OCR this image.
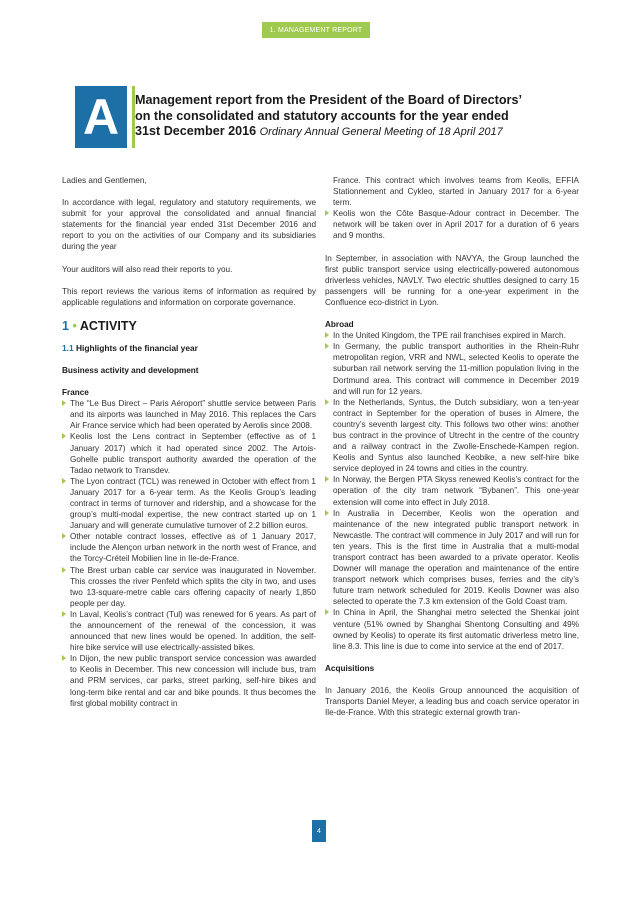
1. MANAGEMENT REPORT
A Management report from the President of the Board of Directors’
on the consolidated and statutory accounts for the year ended
31st December 2016 Ordinary Annual General Meeting of 18 April 2017

Ladies and Gentlemen,

In accordance with legal, regulatory and statutory requirements, we submit for your approval the consolidated and annual financial statements for the financial year ended 31st December 2016 and report to you on the activities of our Company and its subsidiaries during the year

Your auditors will also read their reports to you.

This report reviews the various items of information as required by applicable regulations and information on corporate governance.

1 • ACTIVITY
1.1 Highlights of the financial year

Business activity and development

France

The “Le Bus Direct – Paris Aéroport” shuttle service between Paris and its airports was launched in May 2016. This replaces the Cars Air France service which had been operated by Aerolis since 2008.

Keolis lost the Lens contract in September (effective as of 1 January 2017) which it had operated since 2002. The Artois-Gohelle public transport authority awarded the operation of the Tadao network to Transdev.

The Lyon contract (TCL) was renewed in October with effect from 1 January 2017 for a 6-year term. As the Keolis Group’s leading contract in terms of turnover and ridership, and a showcase for the group’s multi-modal expertise, the new contract started up on 1 January and will generate cumulative turnover of 2.2 billion euros.

Other notable contract losses, effective as of 1 January 2017, include the Alençon urban network in the north west of France, and the Torcy-Créteil Mobilien line in Ile-de-France.

The Brest urban cable car service was inaugurated in November. This crosses the river Penfeld which splits the city in two, and uses two 13-square-metre cable cars offering capacity of nearly 1,850 people per day.

In Laval, Keolis’s contract (Tul) was renewed for 6 years. As part of the announcement of the renewal of the concession, it was announced that new lines would be opened. In addition, the self-hire bike service will use electrically-assisted bikes.

In Dijon, the new public transport service concession was awarded to Keolis in December. This new concession will include bus, tram and PRM services, car parks, street parking, self-hire bikes and long-term bike rental and car and bike pounds. It thus becomes the first global mobility contract in

France. This contract which involves teams from Keolis, EFFIA Stationnement and Cykleo, started in January 2017 for a 6-year term.

Keolis won the Côte Basque-Adour contract in December. The network will be taken over in April 2017 for a duration of 6 years and 9 months.

In September, in association with NAVYA, the Group launched the first public transport service using electrically-powered autonomous driverless vehicles, NAVLY. Two electric shuttles designed to carry 15 passengers will be running for a one-year experiment in the Confluence eco-district in Lyon.

Abroad

In the United Kingdom, the TPE rail franchises expired in March.

In Germany, the public transport authorities in the Rhein-Ruhr metropolitan region, VRR and NWL, selected Keolis to operate the suburban rail network serving the 11-million population living in the Dortmund area. This contract will commence in December 2019 and will run for 12 years.

In the Netherlands, Syntus, the Dutch subsidiary, won a ten-year contract in September for the operation of buses in Almere, the country’s seventh largest city. This follows two other wins: another bus contract in the province of Utrecht in the centre of the country and a railway contract in the Zwolle-Enschede-Kampen region. Keolis and Syntus also launched Keobike, a new self-hire bike service deployed in 24 towns and cities in the country.

In Norway, the Bergen PTA Skyss renewed Keolis’s contract for the operation of the city tram network “Bybanen”. This one-year extension will come into effect in July 2018.

In Australia in December, Keolis won the operation and maintenance of the new integrated public transport network in Newcastle. The contract will commence in July 2017 and will run for ten years. This is the first time in Australia that a multi-modal transport contract has been awarded to a private operator. Keolis Downer will manage the operation and maintenance of the entire transport network which comprises buses, ferries and the city’s future tram network scheduled for 2019. Keolis Downer was also selected to operate the 7.3 km extension of the Gold Coast tram.

In China in April, the Shanghai metro selected the Shenkai joint venture (51% owned by Shanghai Shentong Consulting and 49% owned by Keolis) to operate its first automatic driverless metro line, line 8.3. This line is due to come into service at the end of 2017.

Acquisitions

In January 2016, the Keolis Group announced the acquisition of Transports Daniel Meyer, a leading bus and coach service operator in Ile-de-France. With this strategic external growth tran-

4
